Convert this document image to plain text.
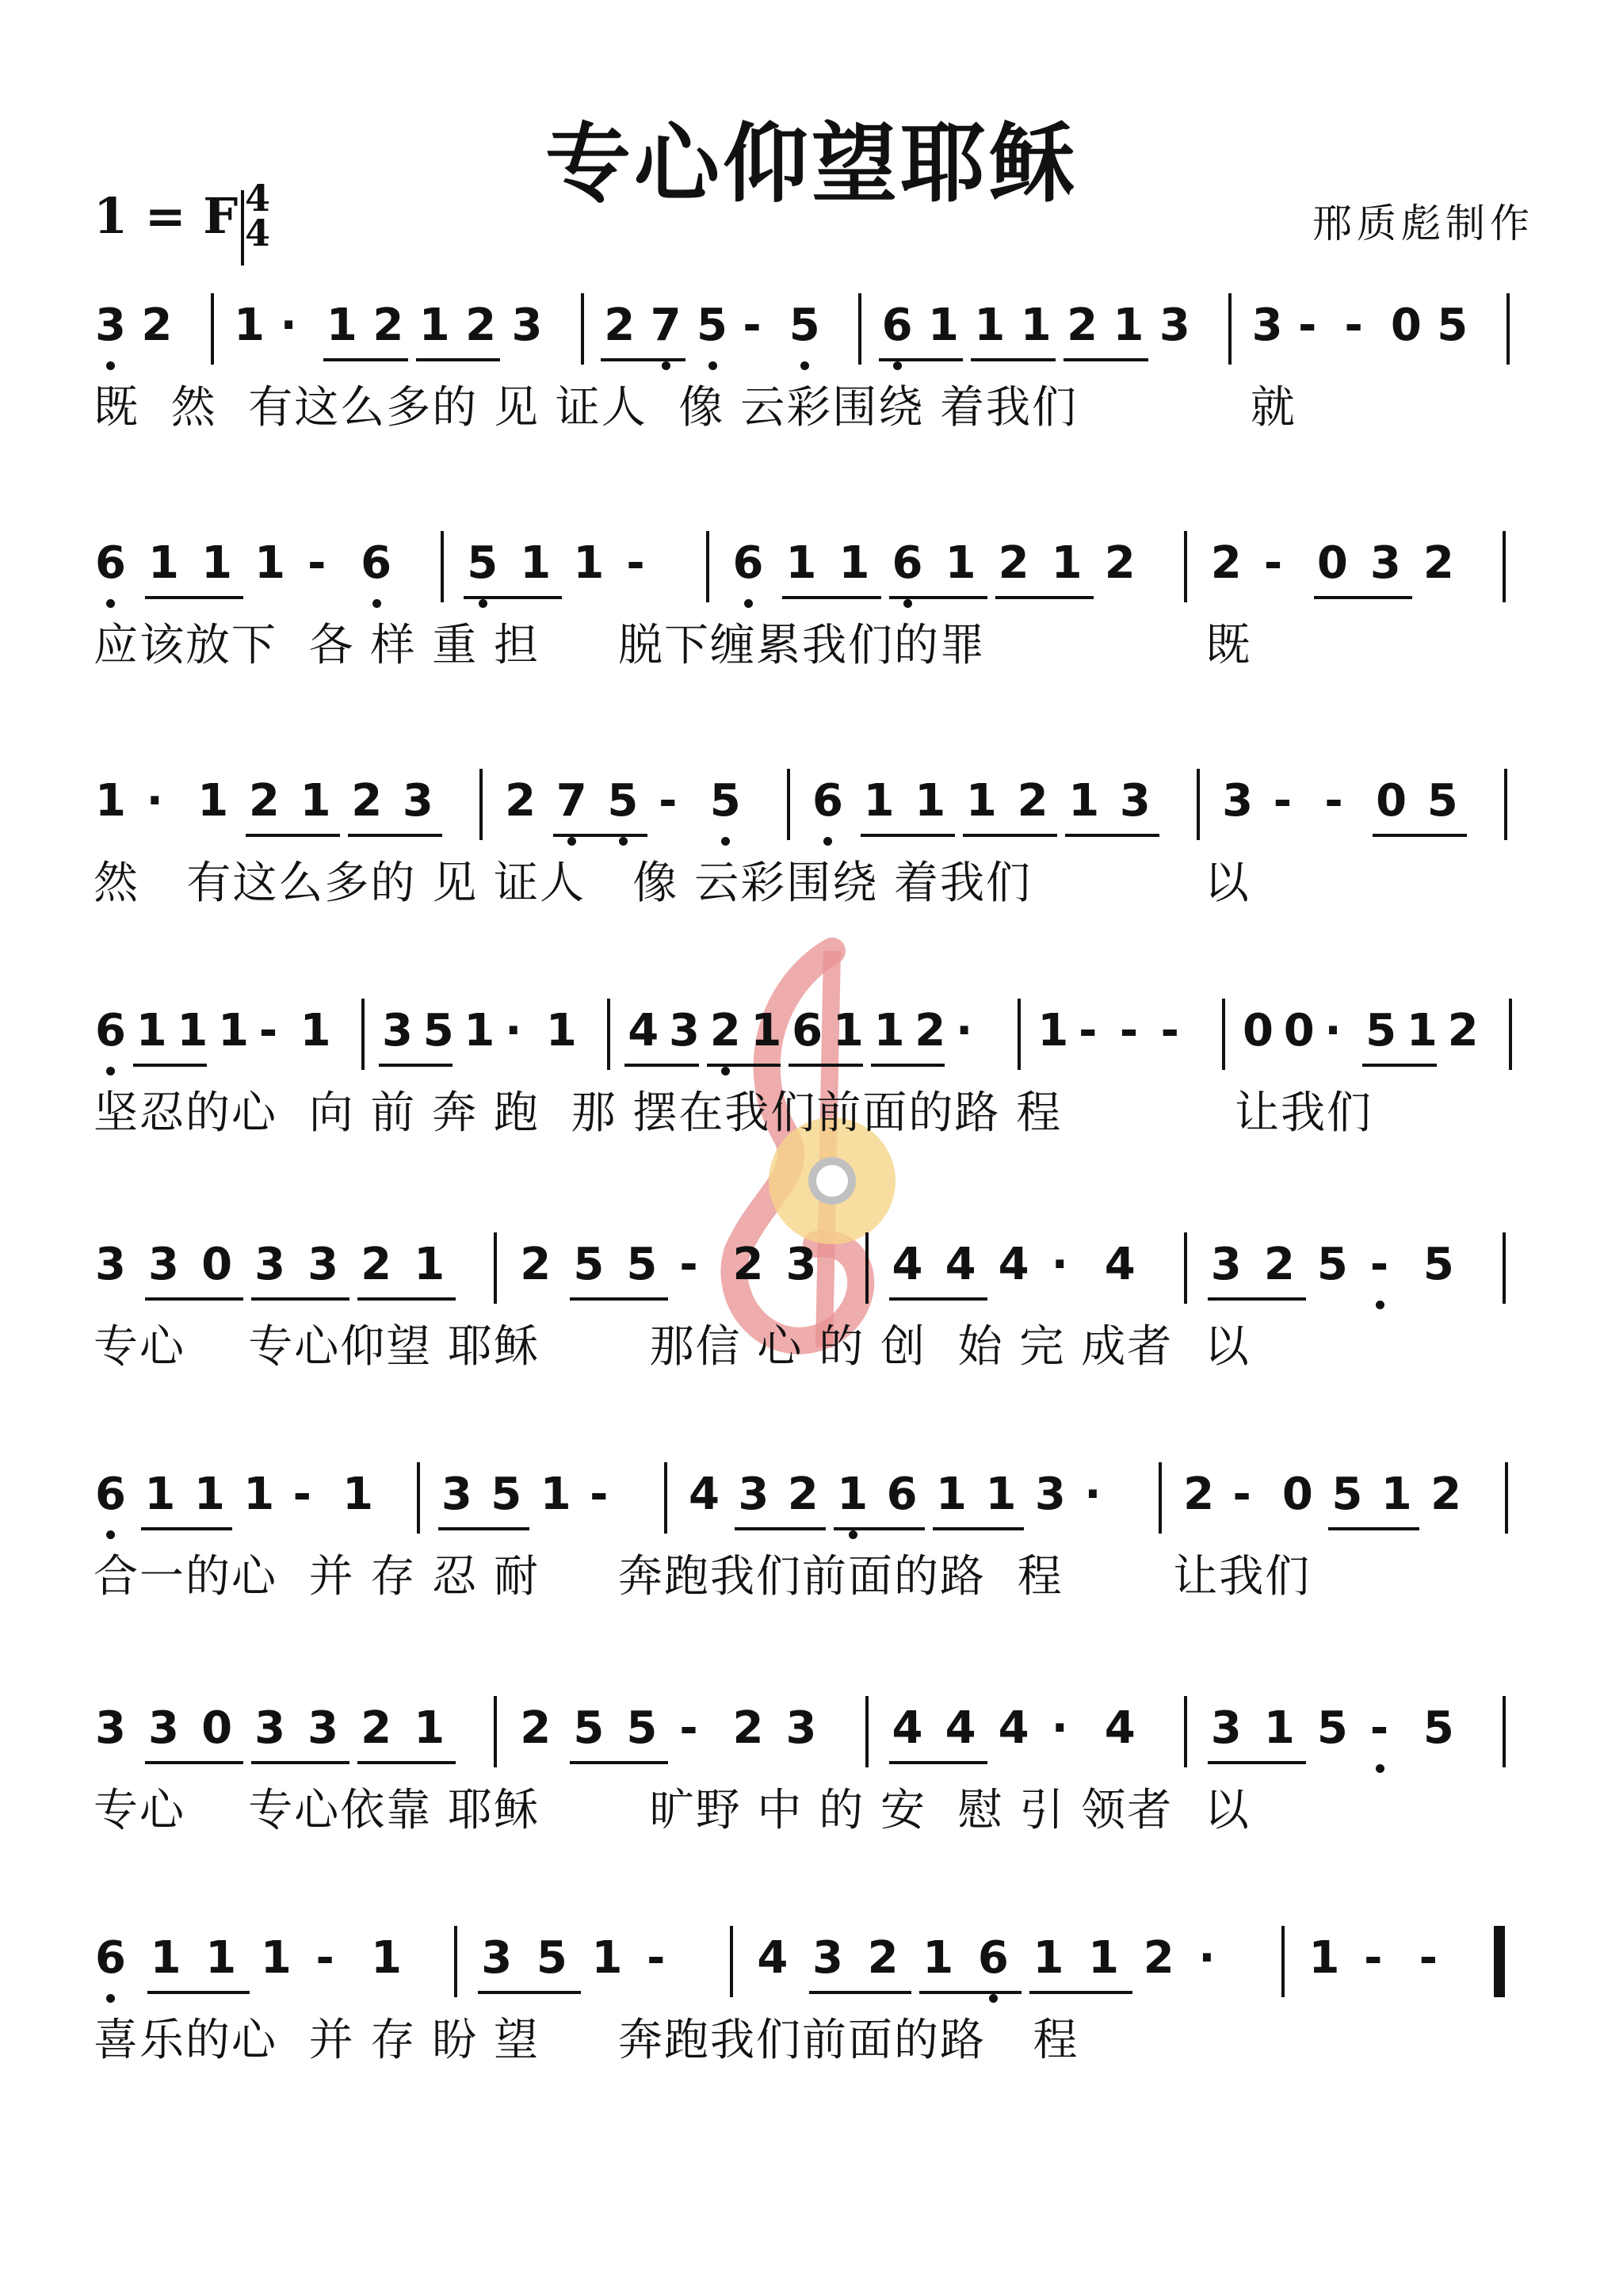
专心仰望耶稣
1 = F 4
4	邢质彪制作
3 2 1 · 1 2 1 2 3 2 7 5 - 5 6 1 1 1 2 1 3 3 - - 0 5
既  然  有这么多的 见 证人  像 云彩围绕 着我们           就
6 1 1 1 - 6 5 1 1 - 6 1 1 6 1 2 1 2 2 - 0 3 2
应该放下  各 样 重 担     脱下缠累我们的罪              既
1 · 1 2 1 2 3 2 7 5 - 5 6 1 1 1 2 1 3 3 - - 0 5
然   有这么多的 见 证人   像 云彩围绕 着我们           以
6 1 1 1 - 1 3 5 1 · 1 4 3 2 1 6 1 1 2 · 1 - - - 0 0 · 5 1 2
坚忍的心  向 前 奔 跑  那 摆在我们前面的路 程           让我们
3 3 0 3 3 2 1 2 5 5 - 2 3 4 4 4 · 4 3 2 5 - 5
专心    专心仰望 耶稣       那信 心 的 创  始 完 成者  以
6 1 1 1 - 1 3 5 1 - 4 3 2 1 6 1 1 3 · 2 - 0 5 1 2
合一的心  并 存 忍 耐     奔跑我们前面的路  程       让我们
3 3 0 3 3 2 1 2 5 5 - 2 3 4 4 4 · 4 3 1 5 - 5
专心    专心依靠 耶稣       旷野 中 的 安  慰 引 领者  以
6 1 1 1 - 1 3 5 1 - 4 3 2 1 6 1 1 2 · 1 - -
喜乐的心  并 存 盼 望     奔跑我们前面的路   程
